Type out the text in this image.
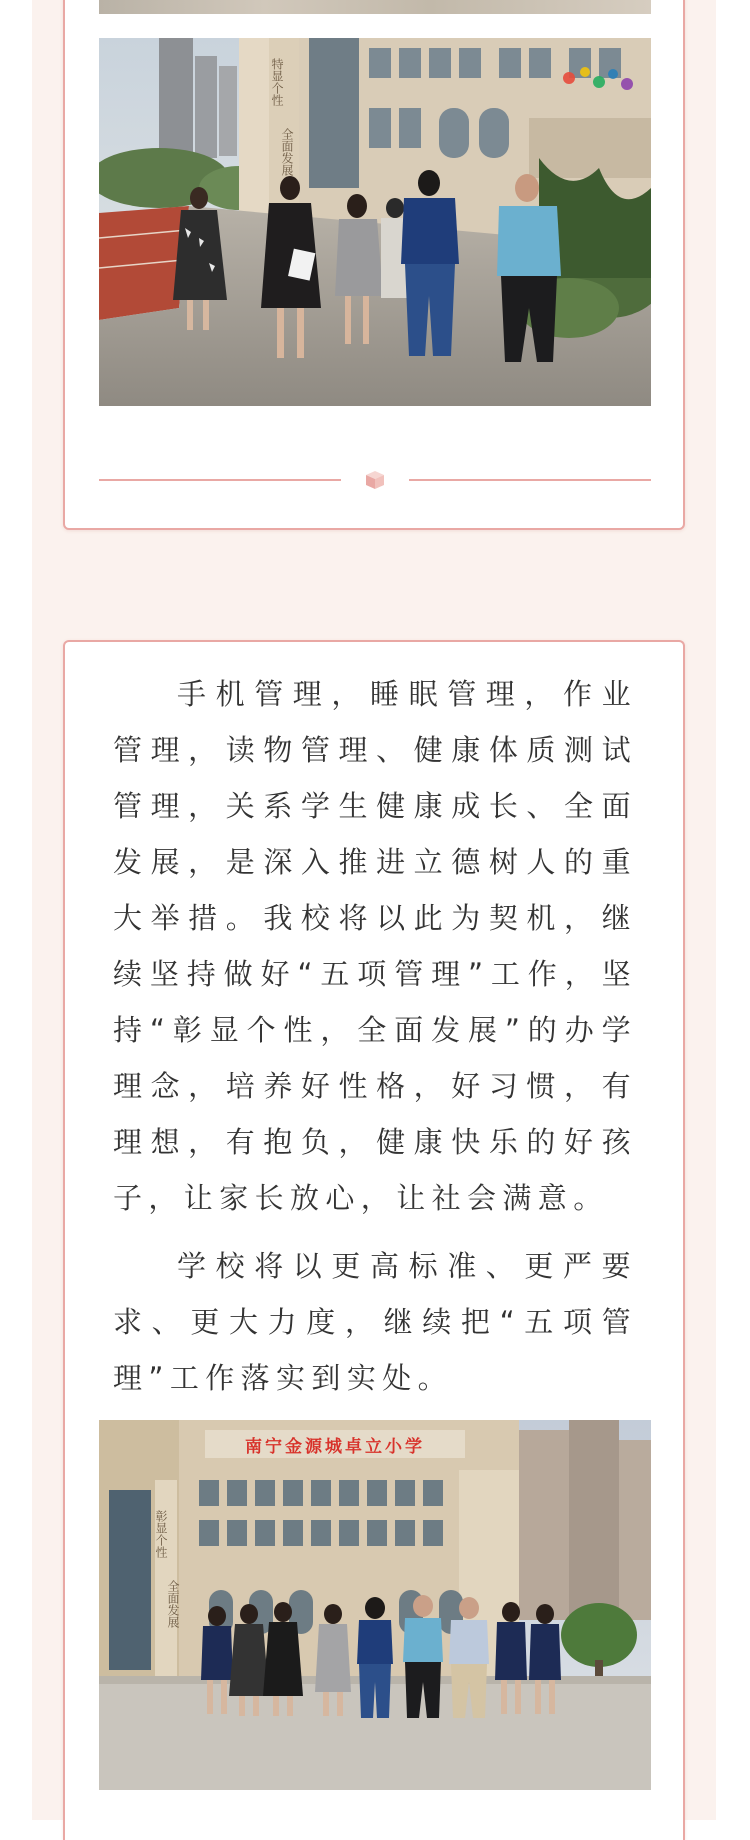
特显个性
全面发展

手机管理，睡眠管理，作业管理，读物管理、健康体质测试管理，关系学生健康成长、全面发展，是深入推进立德树人的重大举措。我校将以此为契机，继续坚持做好“五项管理”工作，坚持“彰显个性，全面发展”的办学理念，培养好性格，好习惯，有理想，有抱负，健康快乐的好孩子，让家长放心，让社会满意。

学校将以更高标准、更严要求、更大力度，继续把“五项管理”工作落实到实处。

南宁金源城卓立小学
彰显个性
全面发展
